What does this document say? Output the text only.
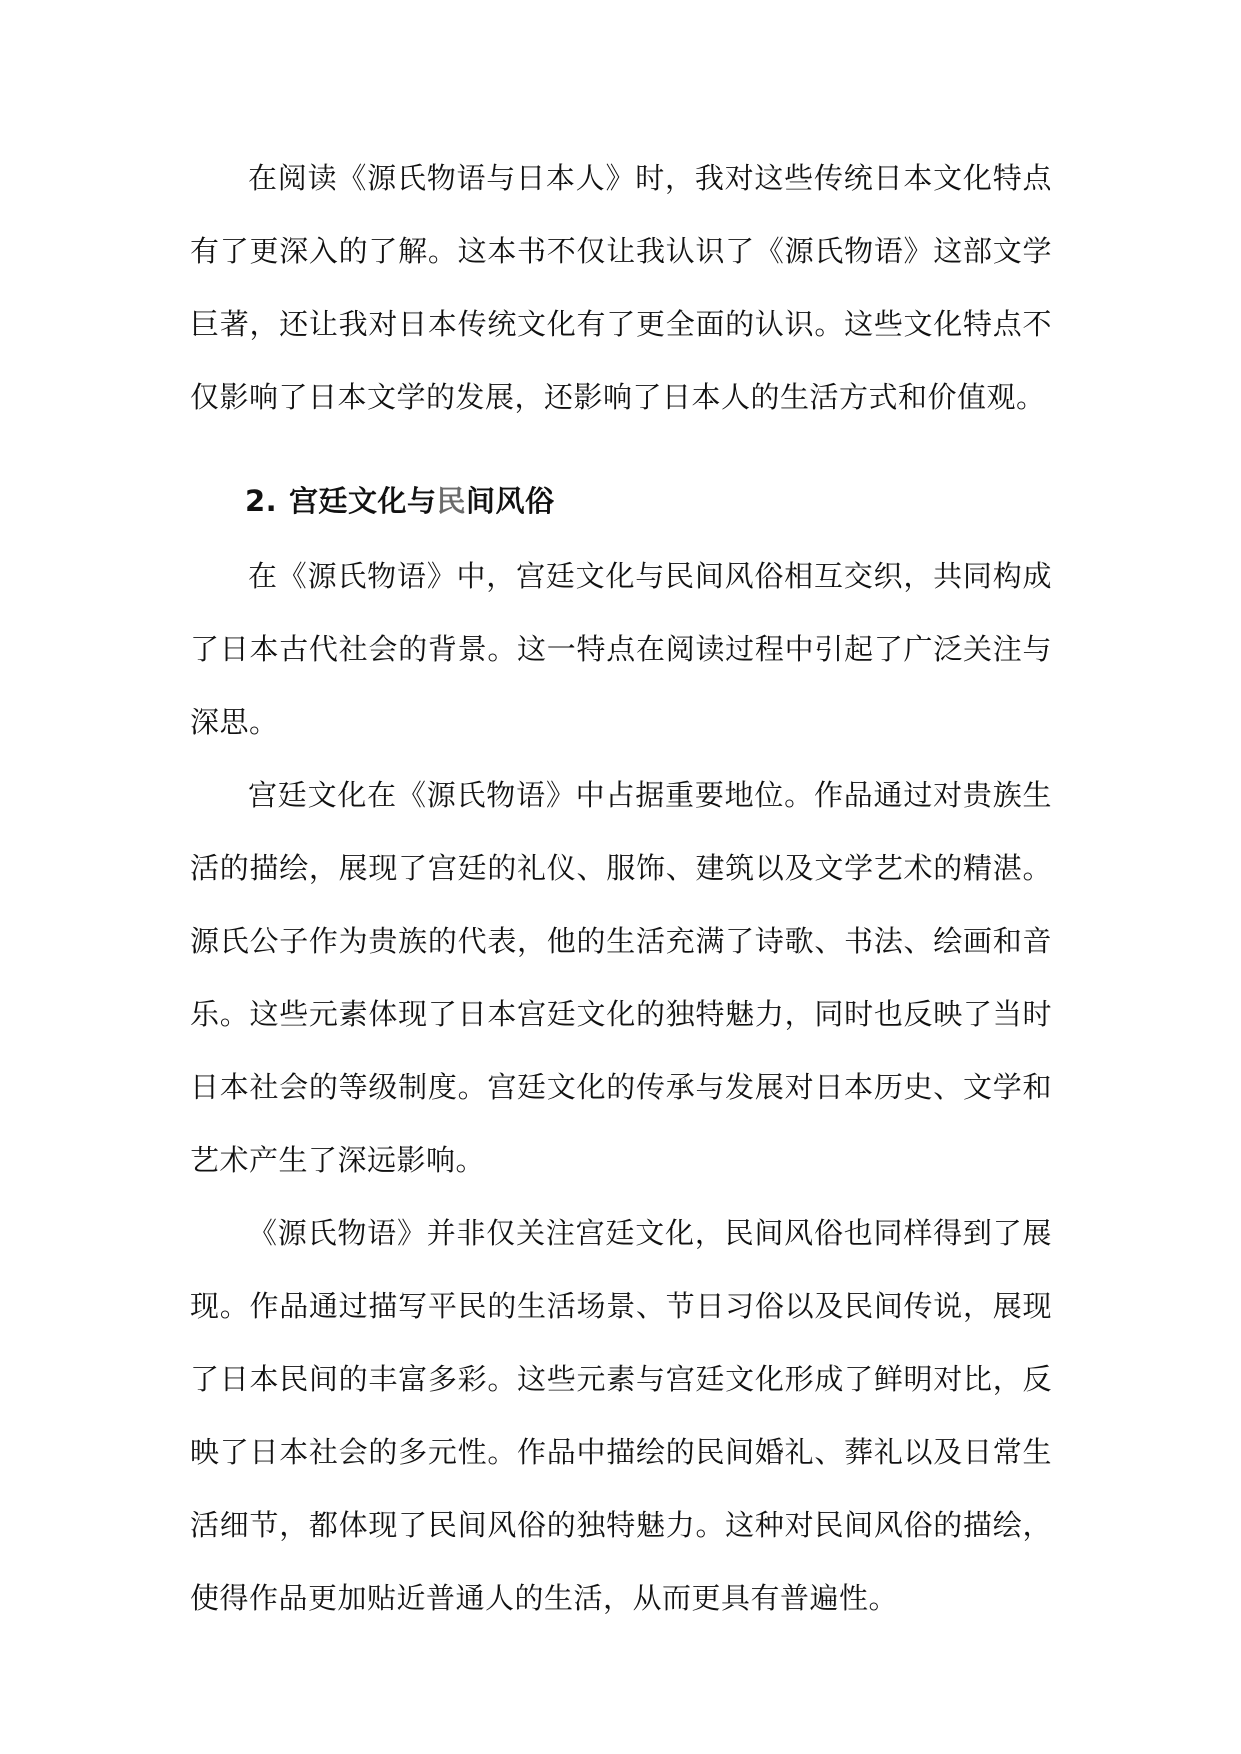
在阅读《源氏物语与日本人》时，我对这些传统日本文化特点有了更深入的了解。这本书不仅让我认识了《源氏物语》这部文学巨著，还让我对日本传统文化有了更全面的认识。这些文化特点不仅影响了日本文学的发展，还影响了日本人的生活方式和价值观。

2. 宫廷文化与民间风俗

在《源氏物语》中，宫廷文化与民间风俗相互交织，共同构成了日本古代社会的背景。这一特点在阅读过程中引起了广泛关注与深思。

宫廷文化在《源氏物语》中占据重要地位。作品通过对贵族生活的描绘，展现了宫廷的礼仪、服饰、建筑以及文学艺术的精湛。源氏公子作为贵族的代表，他的生活充满了诗歌、书法、绘画和音乐。这些元素体现了日本宫廷文化的独特魅力，同时也反映了当时日本社会的等级制度。宫廷文化的传承与发展对日本历史、文学和艺术产生了深远影响。

《源氏物语》并非仅关注宫廷文化，民间风俗也同样得到了展现。作品通过描写平民的生活场景、节日习俗以及民间传说，展现了日本民间的丰富多彩。这些元素与宫廷文化形成了鲜明对比，反映了日本社会的多元性。作品中描绘的民间婚礼、葬礼以及日常生活细节，都体现了民间风俗的独特魅力。这种对民间风俗的描绘，使得作品更加贴近普通人的生活，从而更具有普遍性。
